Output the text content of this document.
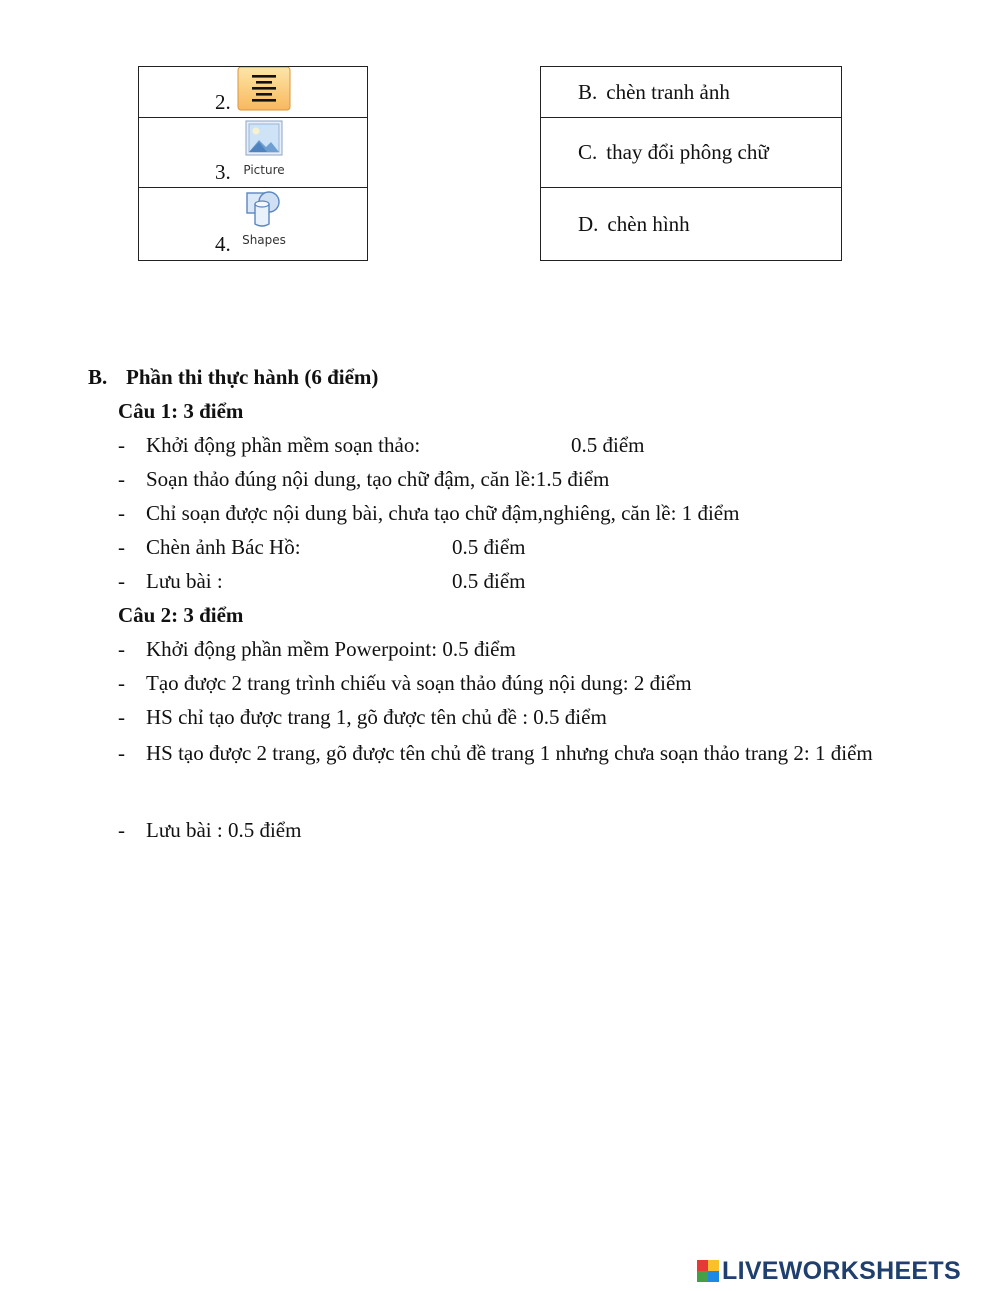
2.
3.	Picture
4. Shapes
B. chèn tranh ảnh
C. thay đổi phông chữ
D. chèn hình
B. Phần thi thực hành (6 điểm)
Câu 1: 3 điểm
- Khởi động phần mềm soạn thảo:	0.5 điểm
- Soạn thảo đúng nội dung, tạo chữ đậm, căn lề:1.5 điểm
- Chỉ soạn được nội dung bài, chưa tạo chữ đậm,nghiêng, căn lề: 1 điểm
- Chèn ảnh Bác Hồ:	0.5 điểm
- Lưu bài :	0.5 điểm
Câu 2: 3 điểm
- Khởi động phần mềm Powerpoint: 0.5 điểm
- Tạo được 2 trang trình chiếu và soạn thảo đúng nội dung: 2 điểm
- HS chỉ tạo được trang 1, gõ được tên chủ đề : 0.5 điểm
- HS tạo được 2 trang, gõ được tên chủ đề trang 1 nhưng chưa soạn thảo trang 2: 1 điểm
- Lưu bài : 0.5 điểm
LIVEWORKSHEETS
